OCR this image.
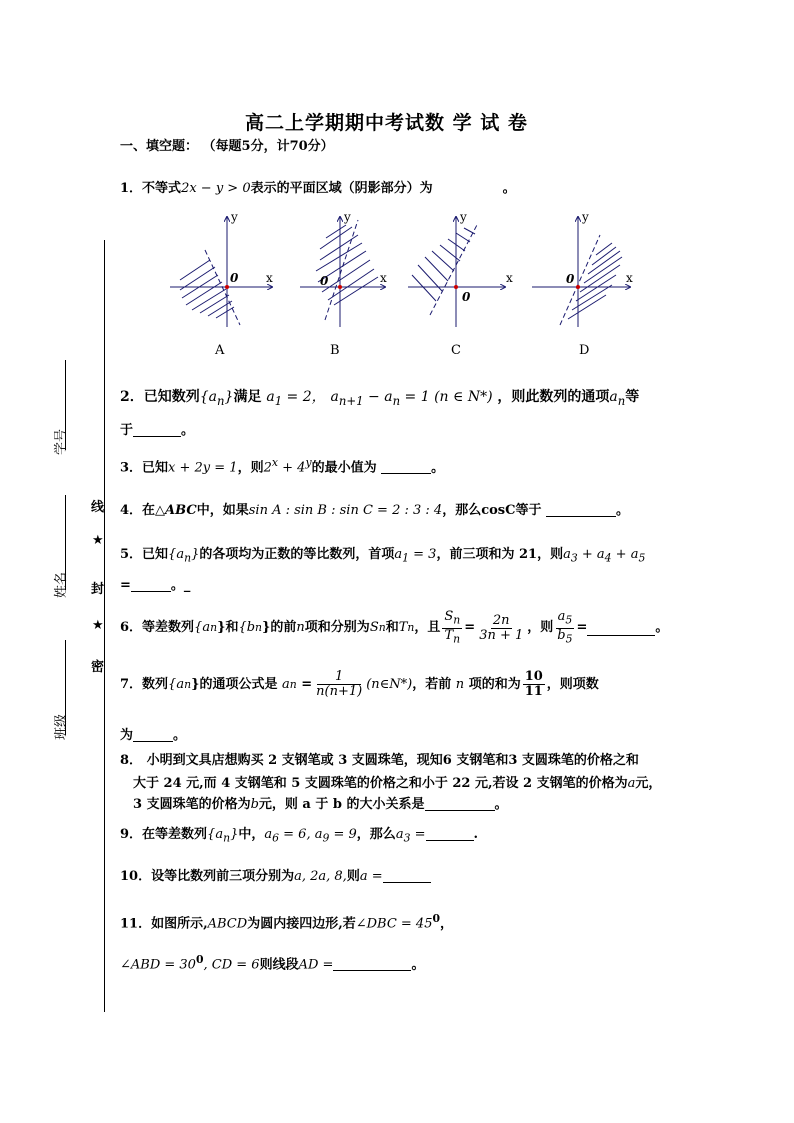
学号
姓名
班级
线
★
封
★
密
高二上学期期中考试数 学 试 卷
一、填空题： （每题5分，计70分）
1．不等式2x − y > 0表示的平面区域（阴影部分）为	。
0 x
y
0	x
y
0
x
y
0	x
y
A	B	C	D
2．已知数列$\{a_n\}$满足 $a_1 = 2$， $a_{n+1} - a_n = 1$ (n ∈ N*) ，则此数列的通项$a_n$等
于	。
3．已知x + 2y = 1，则$2^x + 4^y$的最小值为	。
4．在△ABC中，如果sin A : sin B : sin C = 2 : 3 : 4，那么cosC等于	。
5．已知$\{a_n\}$的各项均为正数的等比数列，首项$a_1 = 3$，前三项和为 21，则$a_3 + a_4 + a_5$
=	。_
6．等差数列 {a n } 和 {b n } 的前 n 项和分别为 S n 和 T n ，且 $\frac{S_n}{T_n} = \frac{2n}{3n + 1}$ ，则 $\frac{a_5}{b_5}$ =	。
7．数列 {a n } 的通项公式是
a $n = \frac{1}{n(n+1)}$ (n∈N*) ，若前
n
项的和为 $\frac{10}{11}$ ，则项数
为	。
8． 小明到文具店想购买 2 支钢笔或 3 支圆珠笔，现知6 支钢笔和3 支圆珠笔的价格之和
大于 24 元,而 4 支钢笔和 5 支圆珠笔的价格之和小于 22 元,若设 2 支钢笔的价格为a元，
3 支圆珠笔的价格为b元，则 a 于 b 的大小关系是	。
9．在等差数列$\{a_n\}$中，$a_6 = 6$, $a_9 = 9$，那么$a_3$ =	.
10．设等比数列前三项分别为a, 2a, 8,则a =
11．如图所示,ABCD为圆内接四边形,若∠DBC = $45^0$，
∠ABD = $30^0$, CD = 6则线段AD =	。
